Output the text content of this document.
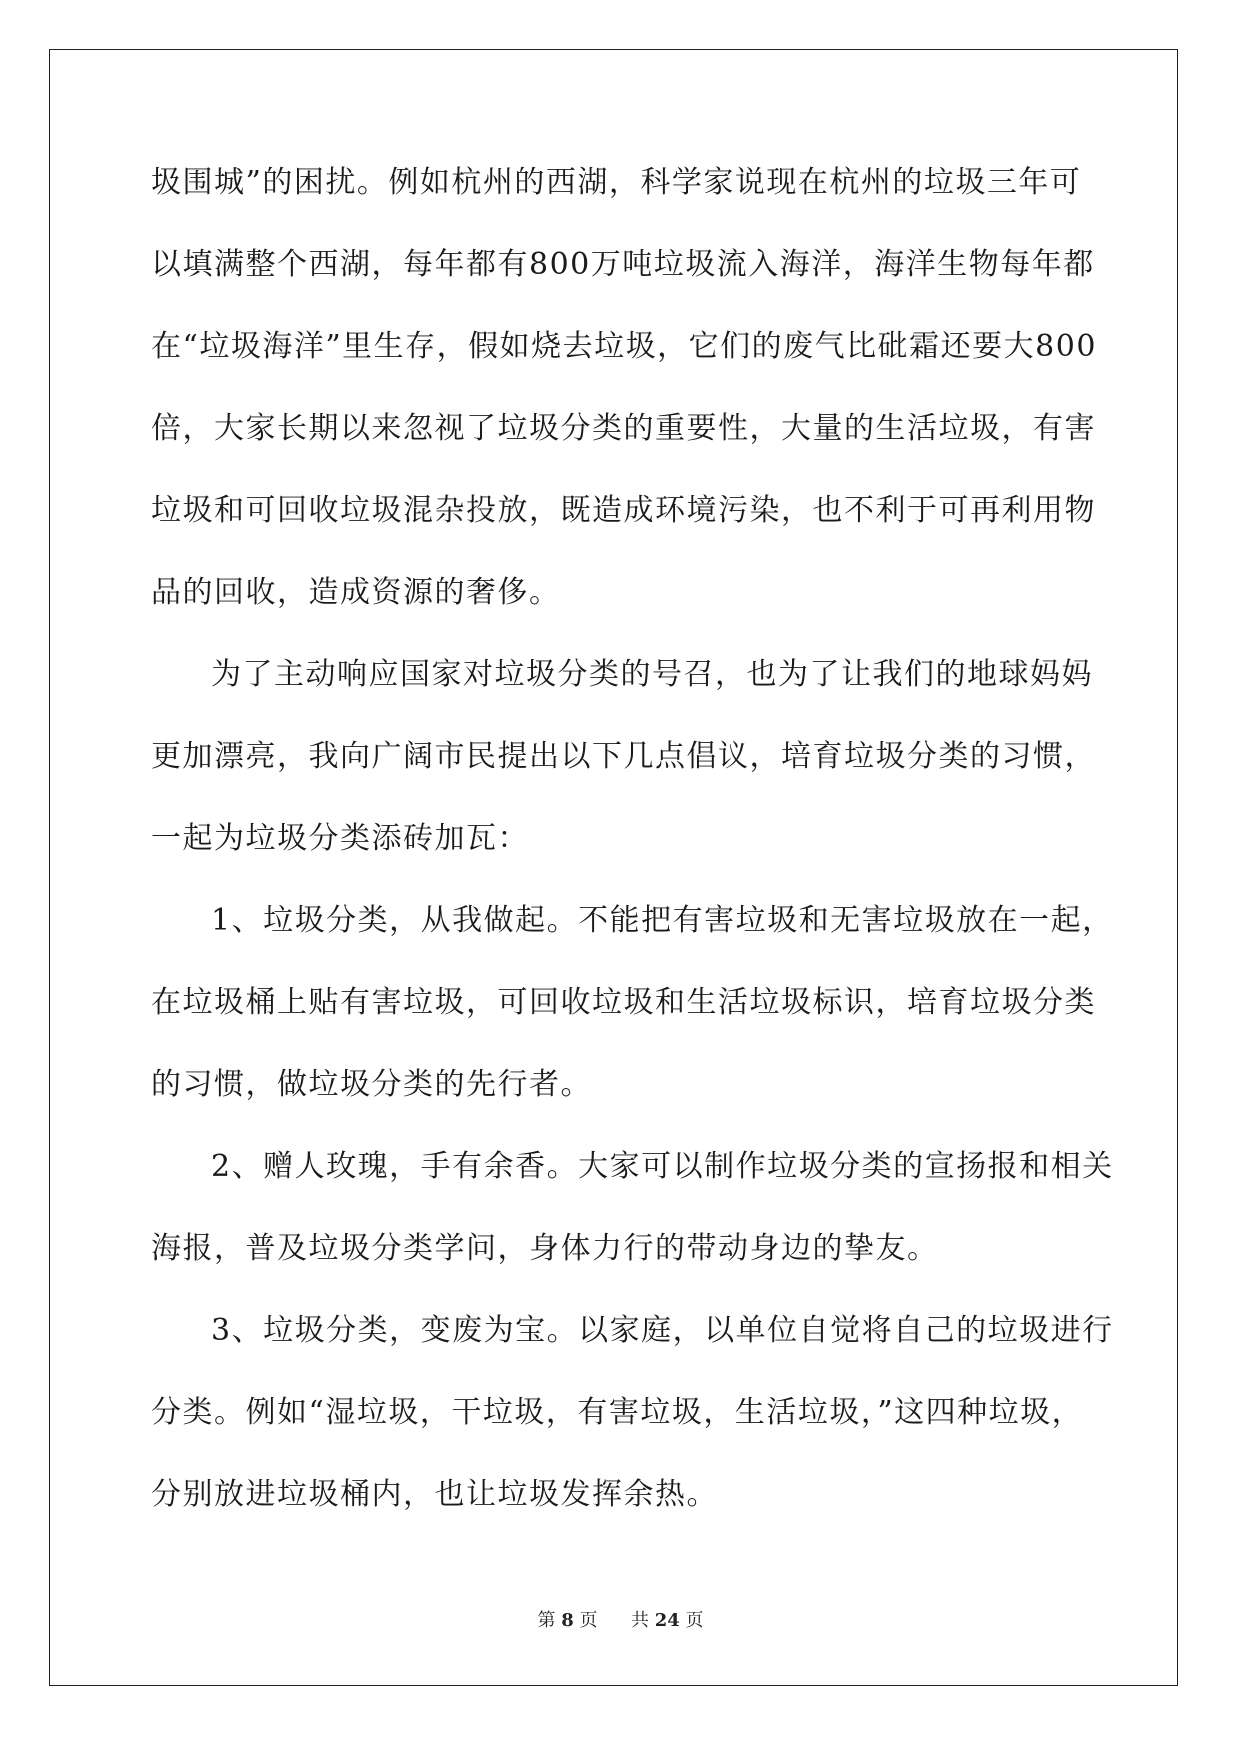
圾围城”的困扰。例如杭州的西湖，科学家说现在杭州的垃圾三年可
以填满整个西湖，每年都有800万吨垃圾流入海洋，海洋生物每年都
在“垃圾海洋”里生存，假如烧去垃圾，它们的废气比砒霜还要大800
倍，大家长期以来忽视了垃圾分类的重要性，大量的生活垃圾，有害
垃圾和可回收垃圾混杂投放，既造成环境污染，也不利于可再利用物
品的回收，造成资源的奢侈。
为了主动响应国家对垃圾分类的号召，也为了让我们的地球妈妈
更加漂亮，我向广阔市民提出以下几点倡议，培育垃圾分类的习惯，
一起为垃圾分类添砖加瓦：
1、垃圾分类，从我做起。不能把有害垃圾和无害垃圾放在一起，
在垃圾桶上贴有害垃圾，可回收垃圾和生活垃圾标识，培育垃圾分类
的习惯，做垃圾分类的先行者。
2、赠人玫瑰，手有余香。大家可以制作垃圾分类的宣扬报和相关
海报，普及垃圾分类学问，身体力行的带动身边的挚友。
3、垃圾分类，变废为宝。以家庭，以单位自觉将自己的垃圾进行
分类。例如“湿垃圾，干垃圾，有害垃圾，生活垃圾，”这四种垃圾，
分别放进垃圾桶内，也让垃圾发挥余热。
第 8 页 共 24 页
